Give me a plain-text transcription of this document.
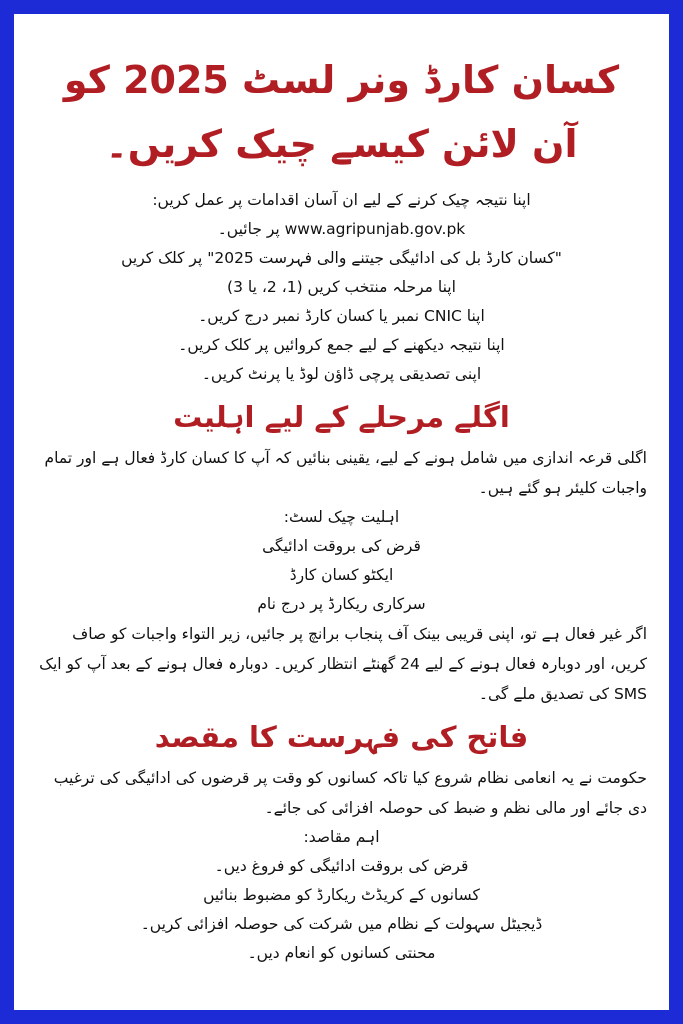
کسان کارڈ ونر لسٹ 2025 کو آن لائن کیسے چیک کریں۔
اپنا نتیجہ چیک کرنے کے لیے ان آسان اقدامات پر عمل کریں:
www.agripunjab.gov.pk پر جائیں۔
"کسان کارڈ بل کی ادائیگی جیتنے والی فہرست 2025" پر کلک کریں
اپنا مرحلہ منتخب کریں (1، 2، یا 3)
اپنا CNIC نمبر یا کسان کارڈ نمبر درج کریں۔
اپنا نتیجہ دیکھنے کے لیے جمع کروائیں پر کلک کریں۔
اپنی تصدیقی پرچی ڈاؤن لوڈ یا پرنٹ کریں۔
اگلے مرحلے کے لیے اہلیت
اگلی قرعہ اندازی میں شامل ہونے کے لیے، یقینی بنائیں کہ آپ کا کسان کارڈ فعال ہے اور تمام واجبات کلیئر ہو گئے ہیں۔
اہلیت چیک لسٹ:
قرض کی بروقت ادائیگی
ایکٹو کسان کارڈ
سرکاری ریکارڈ پر درج نام
اگر غیر فعال ہے تو، اپنی قریبی بینک آف پنجاب برانچ پر جائیں، زیر التواء واجبات کو صاف کریں، اور دوبارہ فعال ہونے کے لیے 24 گھنٹے انتظار کریں۔ دوبارہ فعال ہونے کے بعد آپ کو ایک SMS کی تصدیق ملے گی۔
فاتح کی فہرست کا مقصد
حکومت نے یہ انعامی نظام شروع کیا تاکہ کسانوں کو وقت پر قرضوں کی ادائیگی کی ترغیب دی جائے اور مالی نظم و ضبط کی حوصلہ افزائی کی جائے۔
اہم مقاصد:
قرض کی بروقت ادائیگی کو فروغ دیں۔
کسانوں کے کریڈٹ ریکارڈ کو مضبوط بنائیں
ڈیجیٹل سہولت کے نظام میں شرکت کی حوصلہ افزائی کریں۔
محنتی کسانوں کو انعام دیں۔
